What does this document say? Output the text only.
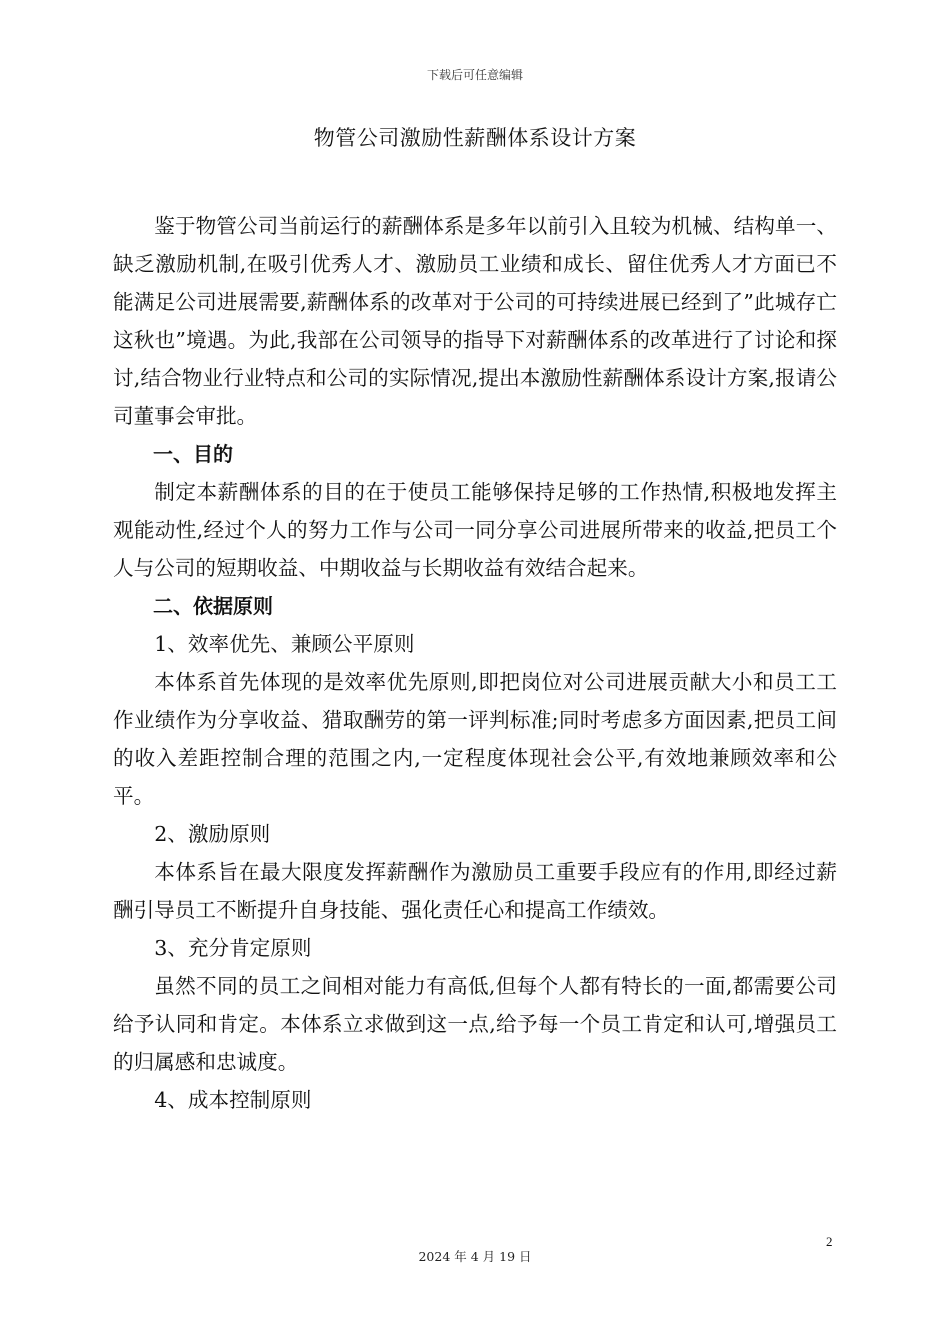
下载后可任意编辑
物管公司激励性薪酬体系设计方案

鉴于物管公司当前运行的薪酬体系是多年以前引入且较为机械、结构单一、缺乏激励机制,在吸引优秀人才、激励员工业绩和成长、留住优秀人才方面已不能满足公司进展需要,薪酬体系的改革对于公司的可持续进展已经到了”此城存亡这秋也”境遇。为此,我部在公司领导的指导下对薪酬体系的改革进行了讨论和探讨,结合物业行业特点和公司的实际情况,提出本激励性薪酬体系设计方案,报请公司董事会审批。

一、目的

制定本薪酬体系的目的在于使员工能够保持足够的工作热情,积极地发挥主观能动性,经过个人的努力工作与公司一同分享公司进展所带来的收益,把员工个人与公司的短期收益、中期收益与长期收益有效结合起来。

二、依据原则

1、效率优先、兼顾公平原则

本体系首先体现的是效率优先原则,即把岗位对公司进展贡献大小和员工工作业绩作为分享收益、猎取酬劳的第一评判标准;同时考虑多方面因素,把员工间的收入差距控制合理的范围之内,一定程度体现社会公平,有效地兼顾效率和公平。

2、激励原则

本体系旨在最大限度发挥薪酬作为激励员工重要手段应有的作用,即经过薪酬引导员工不断提升自身技能、强化责任心和提高工作绩效。

3、充分肯定原则

虽然不同的员工之间相对能力有高低,但每个人都有特长的一面,都需要公司给予认同和肯定。本体系立求做到这一点,给予每一个员工肯定和认可,增强员工的归属感和忠诚度。

4、成本控制原则

2
2024 年 4 月 19 日
